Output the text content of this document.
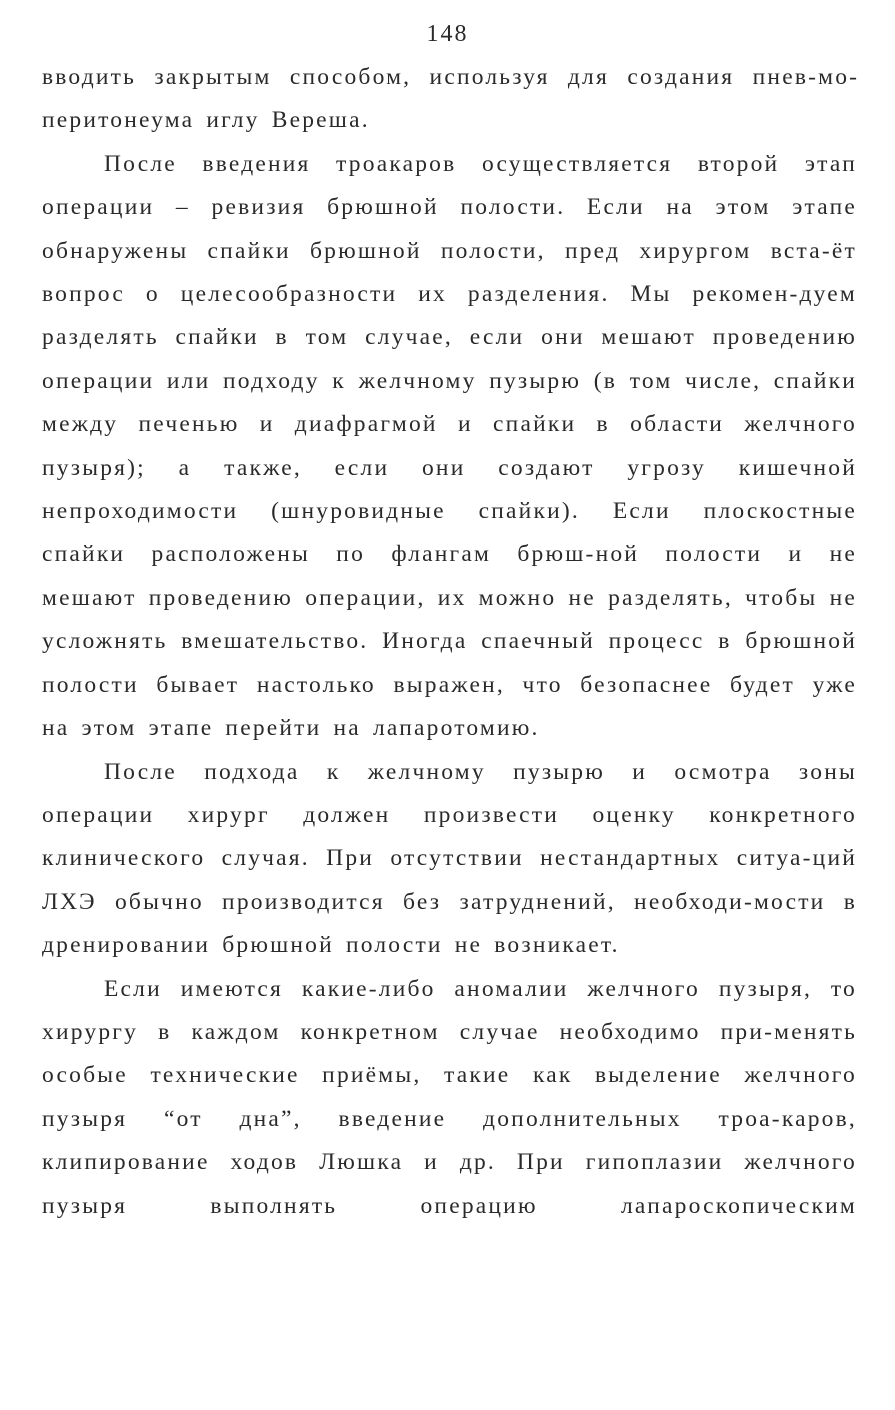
148

вводить закрытым способом, используя для создания пнев-моперитонеума иглу Вереша.

После введения троакаров осуществляется второй этап операции – ревизия брюшной полости. Если на этом этапе обнаружены спайки брюшной полости, пред хирургом вста-ёт вопрос о целесообразности их разделения. Мы рекомен-дуем разделять спайки в том случае, если они мешают проведению операции или подходу к желчному пузырю (в том числе, спайки между печенью и диафрагмой и спайки в области желчного пузыря); а также, если они создают угрозу кишечной непроходимости (шнуровидные спайки). Если плоскостные спайки расположены по флангам брюш-ной полости и не мешают проведению операции, их можно не разделять, чтобы не усложнять вмешательство. Иногда спаечный процесс в брюшной полости бывает настолько выражен, что безопаснее будет уже на этом этапе перейти на лапаротомию.

После подхода к желчному пузырю и осмотра зоны операции хирург должен произвести оценку конкретного клинического случая. При отсутствии нестандартных ситуа-ций ЛХЭ обычно производится без затруднений, необходи-мости в дренировании брюшной полости не возникает.

Если имеются какие-либо аномалии желчного пузыря, то хирургу в каждом конкретном случае необходимо при-менять особые технические приёмы, такие как выделение желчного пузыря “от дна”, введение дополнительных троа-каров, клипирование ходов Люшка и др. При гипоплазии желчного пузыря выполнять операцию лапароскопическим
